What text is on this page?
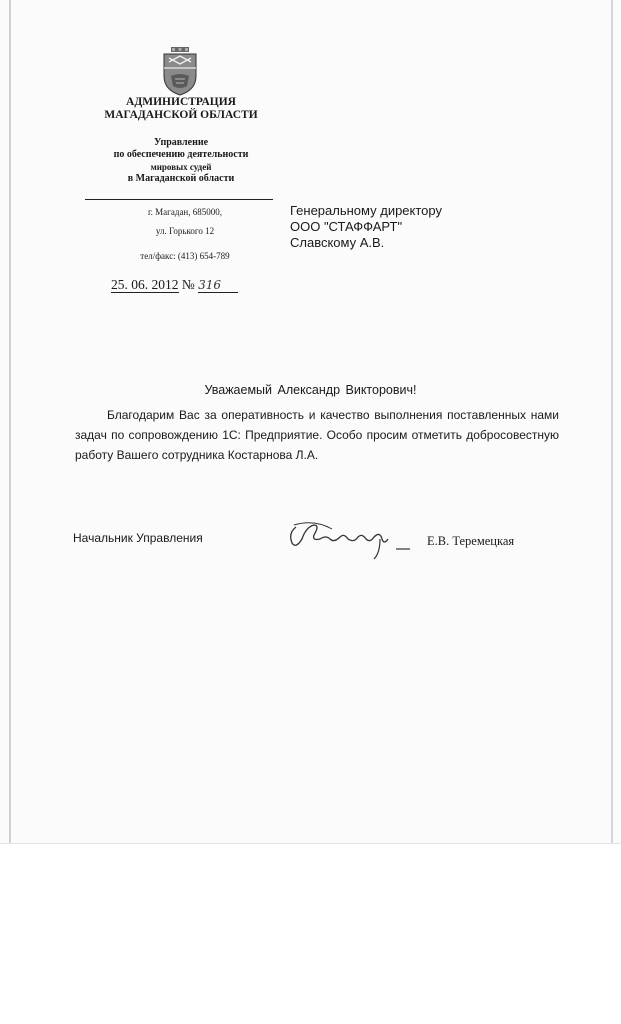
АДМИНИСТРАЦИЯ
МАГАДАНСКОЙ ОБЛАСТИ
Управление
по обеспечению деятельности
мировых судей
в Магаданской области
г. Магадан, 685000,
ул. Горького 12
тел/факс: (413) 654-789
25. 06. 2012 № 316
Генеральному директору
ООО "СТАФФАРТ"
Славскому А.В.
Уважаемый Александр Викторович!
Благодарим Вас за оперативность и качество выполнения поставленных нами задач по сопровождению 1С: Предприятие. Особо просим отметить добросовестную работу Вашего сотрудника Костарнова Л.А.
Начальник Управления	Е.В. Теремецкая
